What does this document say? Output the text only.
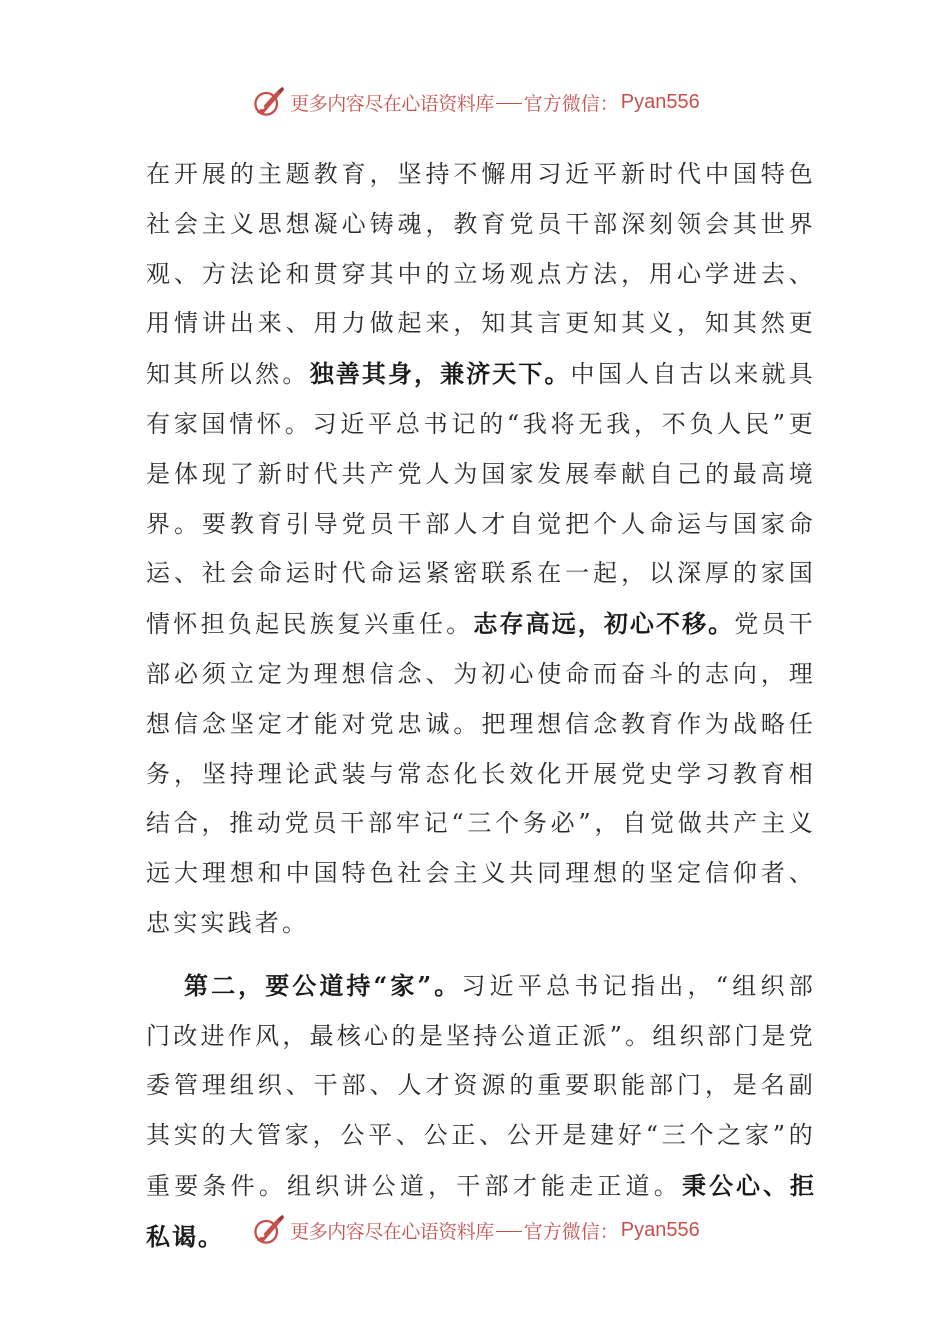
更多内容尽在心语资料库 官方微信： Pyan556

在开展的主题教育，坚持不懈用习近平新时代中国特色社会主义思想凝心铸魂，教育党员干部深刻领会其世界观、方法论和贯穿其中的立场观点方法，用心学进去、用情讲出来、用力做起来，知其言更知其义，知其然更知其所以然。独善其身，兼济天下。中国人自古以来就具有家国情怀。习近平总书记的“我将无我，不负人民”更是体现了新时代共产党人为国家发展奉献自己的最高境界。要教育引导党员干部人才自觉把个人命运与国家命运、社会命运时代命运紧密联系在一起，以深厚的家国情怀担负起民族复兴重任。志存高远，初心不移。党员干部必须立定为理想信念、为初心使命而奋斗的志向，理想信念坚定才能对党忠诚。把理想信念教育作为战略任务，坚持理论武装与常态化长效化开展党史学习教育相结合，推动党员干部牢记“三个务必”，自觉做共产主义远大理想和中国特色社会主义共同理想的坚定信仰者、忠实实践者。

第二，要公道持“家”。习近平总书记指出，“组织部门改进作风，最核心的是坚持公道正派”。组织部门是党委管理组织、干部、人才资源的重要职能部门，是名副其实的大管家，公平、公正、公开是建好“三个之家”的重要条件。组织讲公道，干部才能走正道。秉公心、拒私谒。	更多内容尽在心语资料库 官方微信： Pyan556
